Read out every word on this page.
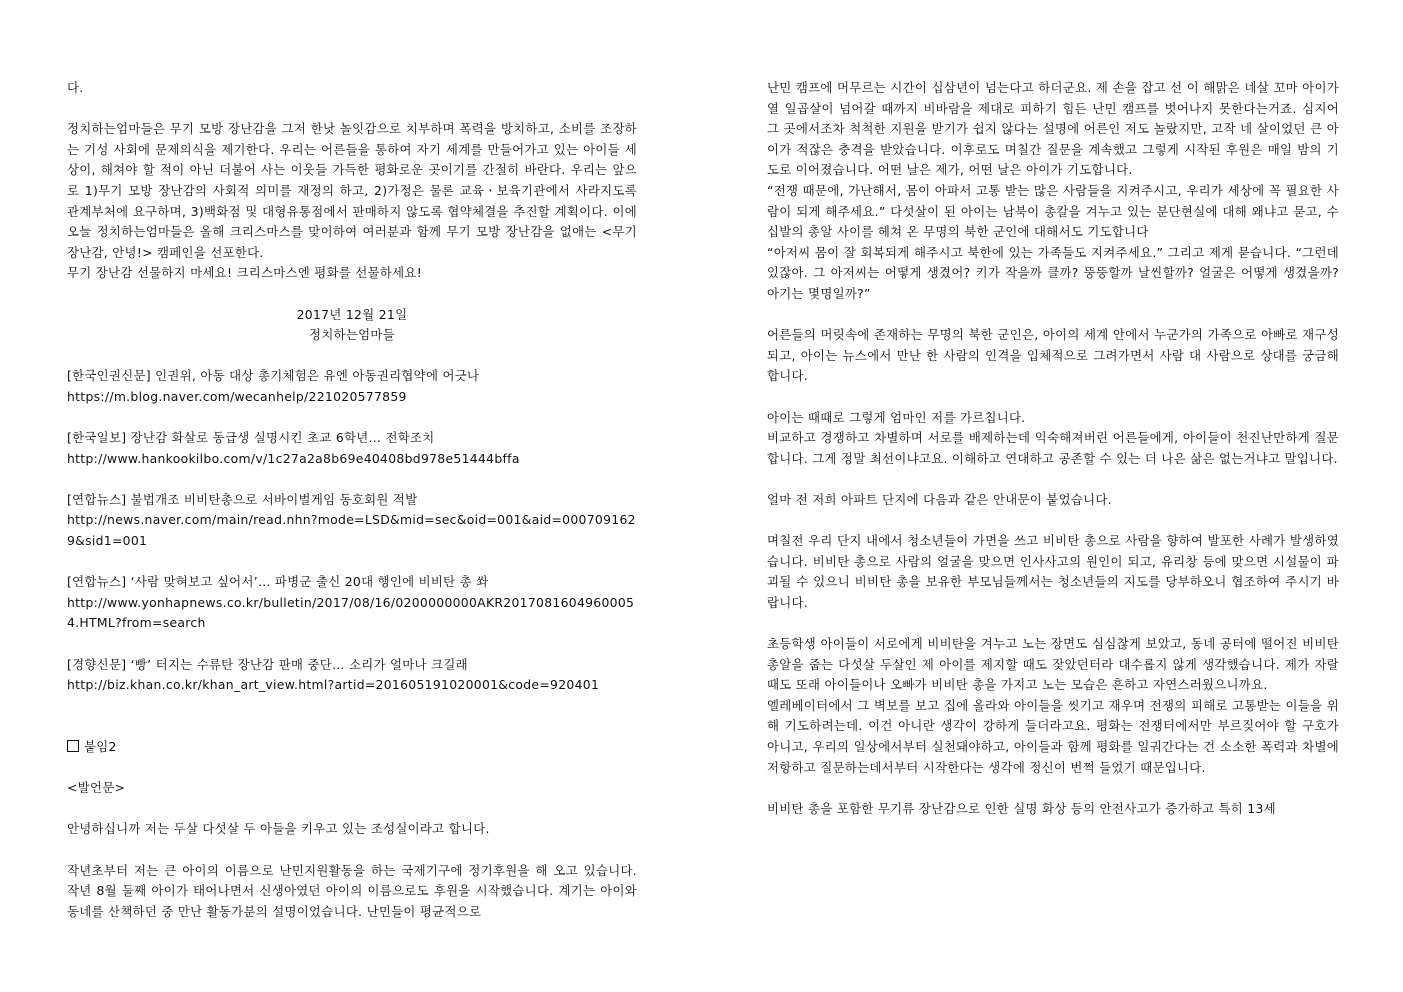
다.

정치하는엄마들은 무기 모방 장난감을 그저 한낫 놀잇감으로 치부하며 폭력을 방치하고, 소비를 조장하는 기성 사회에 문제의식을 제기한다. 우리는 어른들을 통하여 자기 세계를 만들어가고 있는 아이들 세상이, 해쳐야 할 적이 아닌 더불어 사는 이웃들 가득한 평화로운 곳이기를 간절히 바란다. 우리는 앞으로 1)무기 모방 장난감의 사회적 의미를 재정의 하고, 2)가정은 물론 교육ㆍ보육기관에서 사라지도록 관계부처에 요구하며, 3)백화점 및 대형유통점에서 판매하지 않도록 협약체결을 추진할 계획이다. 이에 오늘 정치하는엄마들은 올해 크리스마스를 맞이하여 여러분과 함께 무기 모방 장난감을 없애는 <무기 장난감, 안녕!> 캠페인을 선포한다.

무기 장난감 선물하지 마세요! 크리스마스엔 평화를 선물하세요!

2017년 12월 21일

정치하는엄마들

[한국인권신문] 인권위, 아동 대상 총기체험은 유엔 아동권리협약에 어긋나

https://m.blog.naver.com/wecanhelp/221020577859

[한국일보] 장난감 화살로 동급생 실명시킨 초교 6학년… 전학조치

http://www.hankookilbo.com/v/1c27a2a8b69e40408bd978e51444bffa

[연합뉴스] 불법개조 비비탄총으로 서바이벌게임 동호회원 적발

http://news.naver.com/main/read.nhn?mode=LSD&mid=sec&oid=001&aid=0007091629&sid1=001

[연합뉴스] ‘사람 맞혀보고 싶어서’… 파병군 출신 20대 행인에 비비탄 총 쏴

http://www.yonhapnews.co.kr/bulletin/2017/08/16/0200000000AKR20170816049600054.HTML?from=search

[경향신문] ‘빵’ 터지는 수류탄 장난감 판매 중단… 소리가 얼마나 크길래

http://biz.khan.co.kr/khan_art_view.html?artid=201605191020001&code=920401

붙임2

<발언문>

안녕하십니까 저는 두살 다섯살 두 아들을 키우고 있는 조성실이라고 합니다.

작년초부터 저는 큰 아이의 이름으로 난민지원활동을 하는 국제기구에 정기후원을 해 오고 있습니다. 작년 8월 둘째 아이가 태어나면서 신생아였던 아이의 이름으로도 후원을 시작했습니다. 계기는 아이와 동네를 산책하던 중 만난 활동가분의 설명이었습니다. 난민들이 평균적으로

난민 캠프에 머무르는 시간이 십삼년이 넘는다고 하더군요. 제 손을 잡고 선 이 해맑은 네살 꼬마 아이가 열 일곱살이 넘어갈 때까지 비바람을 제대로 피하기 힘든 난민 캠프를 벗어나지 못한다는거죠. 심지어 그 곳에서조차 척척한 지원을 받기가 쉽지 않다는 설명에 어른인 저도 놀랐지만, 고작 네 살이었던 큰 아이가 적잖은 충격을 받았습니다. 이후로도 며칠간 질문을 계속했고 그렇게 시작된 후원은 매일 밤의 기도로 이어졌습니다. 어떤 날은 제가, 어떤 날은 아이가 기도합니다.

“전쟁 때문에, 가난해서, 몸이 아파서 고통 받는 많은 사람들을 지켜주시고, 우리가 세상에 꼭 필요한 사람이 되게 해주세요.” 다섯살이 된 아이는 남북이 총칼을 겨누고 있는 분단현실에 대해 왜냐고 묻고, 수십발의 총알 사이를 헤쳐 온 무명의 북한 군인에 대해서도 기도합니다

“아저씨 몸이 잘 회복되게 해주시고 북한에 있는 가족들도 지켜주세요.” 그리고 제게 묻습니다. “그런데 있잖아. 그 아저씨는 어떻게 생겼어? 키가 작을까 클까? 뚱뚱할까 날씬할까? 얼굴은 어떻게 생겼을까? 아기는 몇명일까?”

어른들의 머릿속에 존재하는 무명의 북한 군인은, 아이의 세계 안에서 누군가의 가족으로 아빠로 재구성되고, 아이는 뉴스에서 만난 한 사람의 인격을 입체적으로 그려가면서 사람 대 사람으로 상대를 궁금해합니다.

아이는 때때로 그렇게 엄마인 저를 가르칩니다.

비교하고 경쟁하고 차별하며 서로를 배제하는데 익숙해져버린 어른들에게, 아이들이 천진난만하게 질문합니다. 그게 정말 최선이냐고요. 이해하고 연대하고 공존할 수 있는 더 나은 삶은 없는거냐고 말입니다.

얼마 전 저희 아파트 단지에 다음과 같은 안내문이 붙었습니다.

며칠전 우리 단지 내에서 청소년들이 가면을 쓰고 비비탄 총으로 사람을 향하여 발포한 사례가 발생하였습니다. 비비탄 총으로 사람의 얼굴을 맞으면 인사사고의 원인이 되고, 유리창 등에 맞으면 시설물이 파괴될 수 있으니 비비탄 총을 보유한 부모님들께서는 청소년들의 지도를 당부하오니 협조하여 주시기 바랍니다.

초등학생 아이들이 서로에게 비비탄을 겨누고 노는 장면도 심심찮게 보았고, 동네 공터에 떨어진 비비탄 총알을 줍는 다섯살 두살인 제 아이를 제지할 때도 잦았던터라 대수롭지 않게 생각했습니다. 제가 자랄 때도 또래 아이들이나 오빠가 비비탄 총을 가지고 노는 모습은 흔하고 자연스러웠으니까요.

엘레베이터에서 그 벽보를 보고 집에 올라와 아이들을 씻기고 재우며 전쟁의 피해로 고통받는 이들을 위해 기도하려는데. 이건 아니란 생각이 강하게 들더라고요. 평화는 전쟁터에서만 부르짖어야 할 구호가 아니고, 우리의 일상에서부터 실천돼야하고, 아이들과 함께 평화를 일궈간다는 건 소소한 폭력과 차별에 저항하고 질문하는데서부터 시작한다는 생각에 정신이 번쩍 들었기 때문입니다.

비비탄 총을 포함한 무기류 장난감으로 인한 실명 화상 등의 안전사고가 증가하고 특히 13세
